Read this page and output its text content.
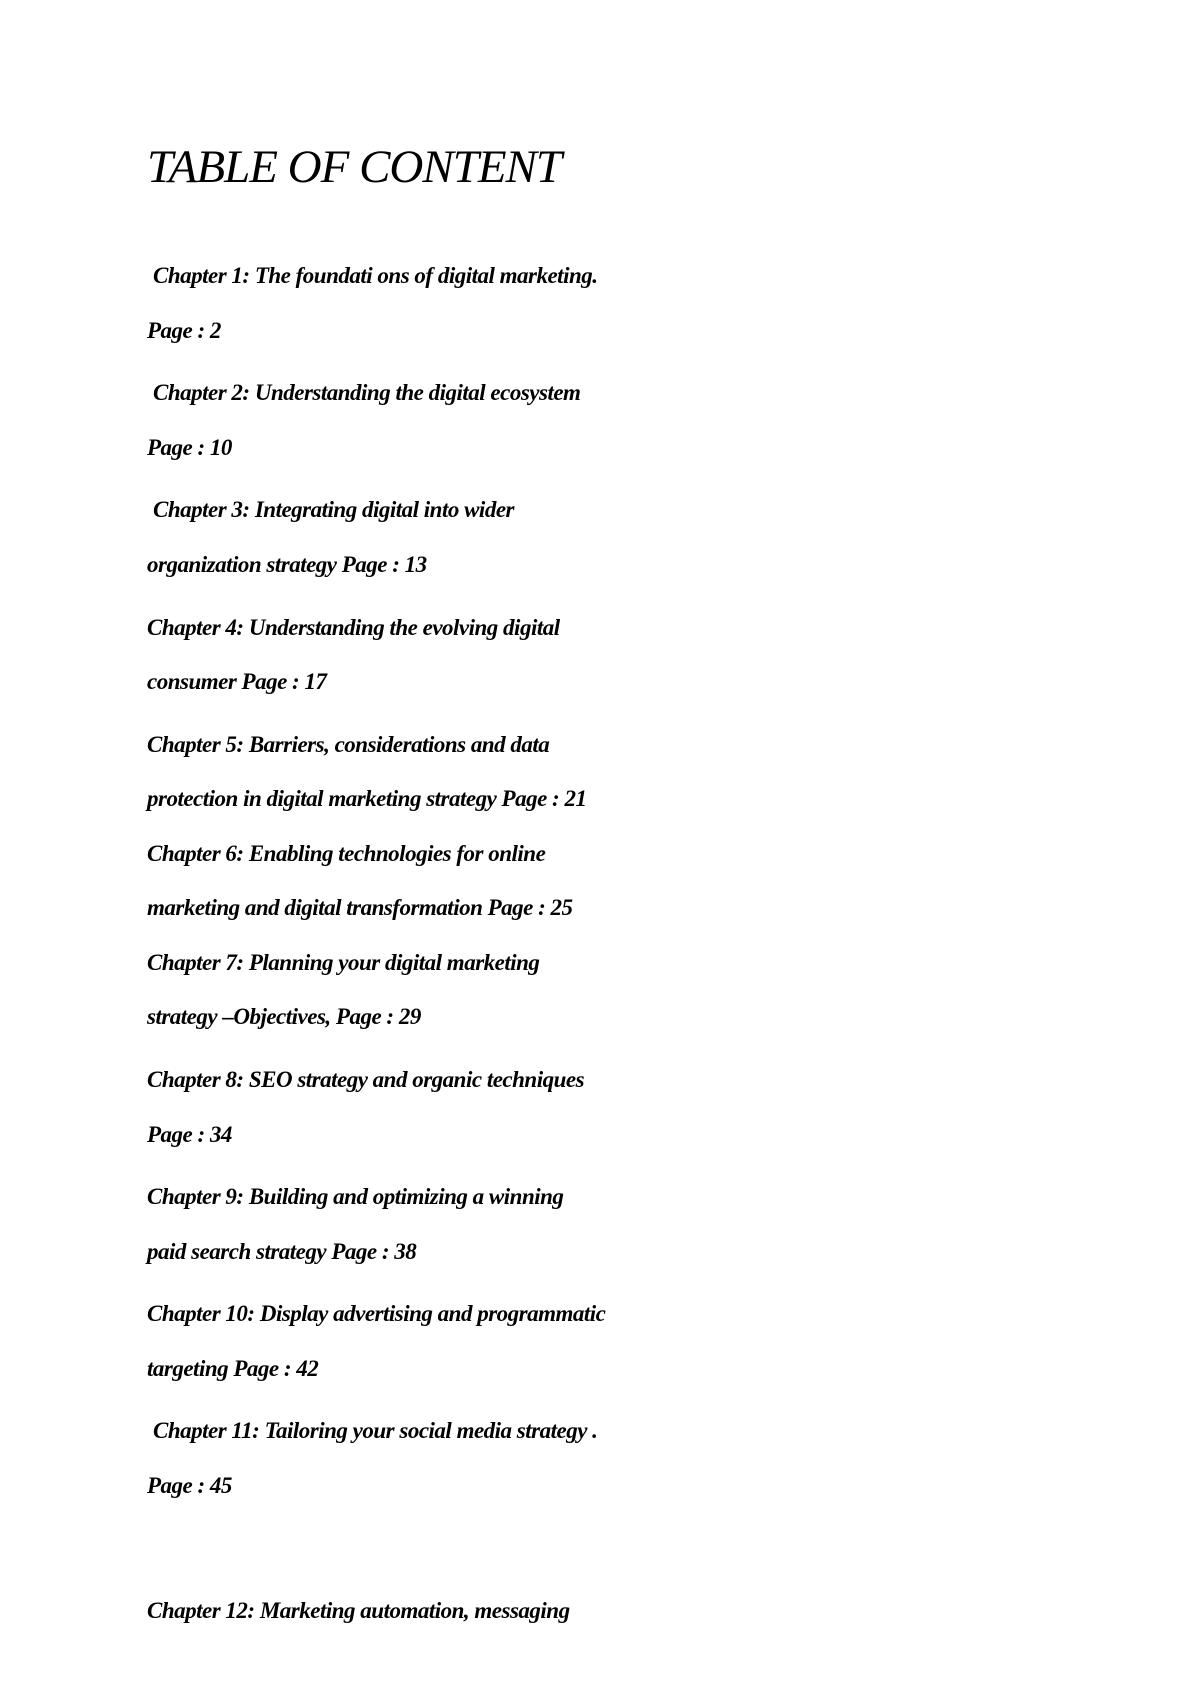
TABLE OF CONTENT

Chapter 1: The foundati ons of digital marketing.

Page : 2

Chapter 2: Understanding the digital ecosystem

Page : 10

Chapter 3: Integrating digital into wider

organization strategy Page : 13

Chapter 4: Understanding the evolving digital

consumer Page : 17

Chapter 5: Barriers, considerations and data

protection in digital marketing strategy Page : 21

Chapter 6: Enabling technologies for online

marketing and digital transformation Page : 25

Chapter 7: Planning your digital marketing

strategy –Objectives, Page : 29

Chapter 8: SEO strategy and organic techniques

Page : 34

Chapter 9: Building and optimizing a winning

paid search strategy Page : 38

Chapter 10: Display advertising and programmatic

targeting Page : 42

Chapter 11: Tailoring your social media strategy .

Page : 45

Chapter 12: Marketing automation, messaging
